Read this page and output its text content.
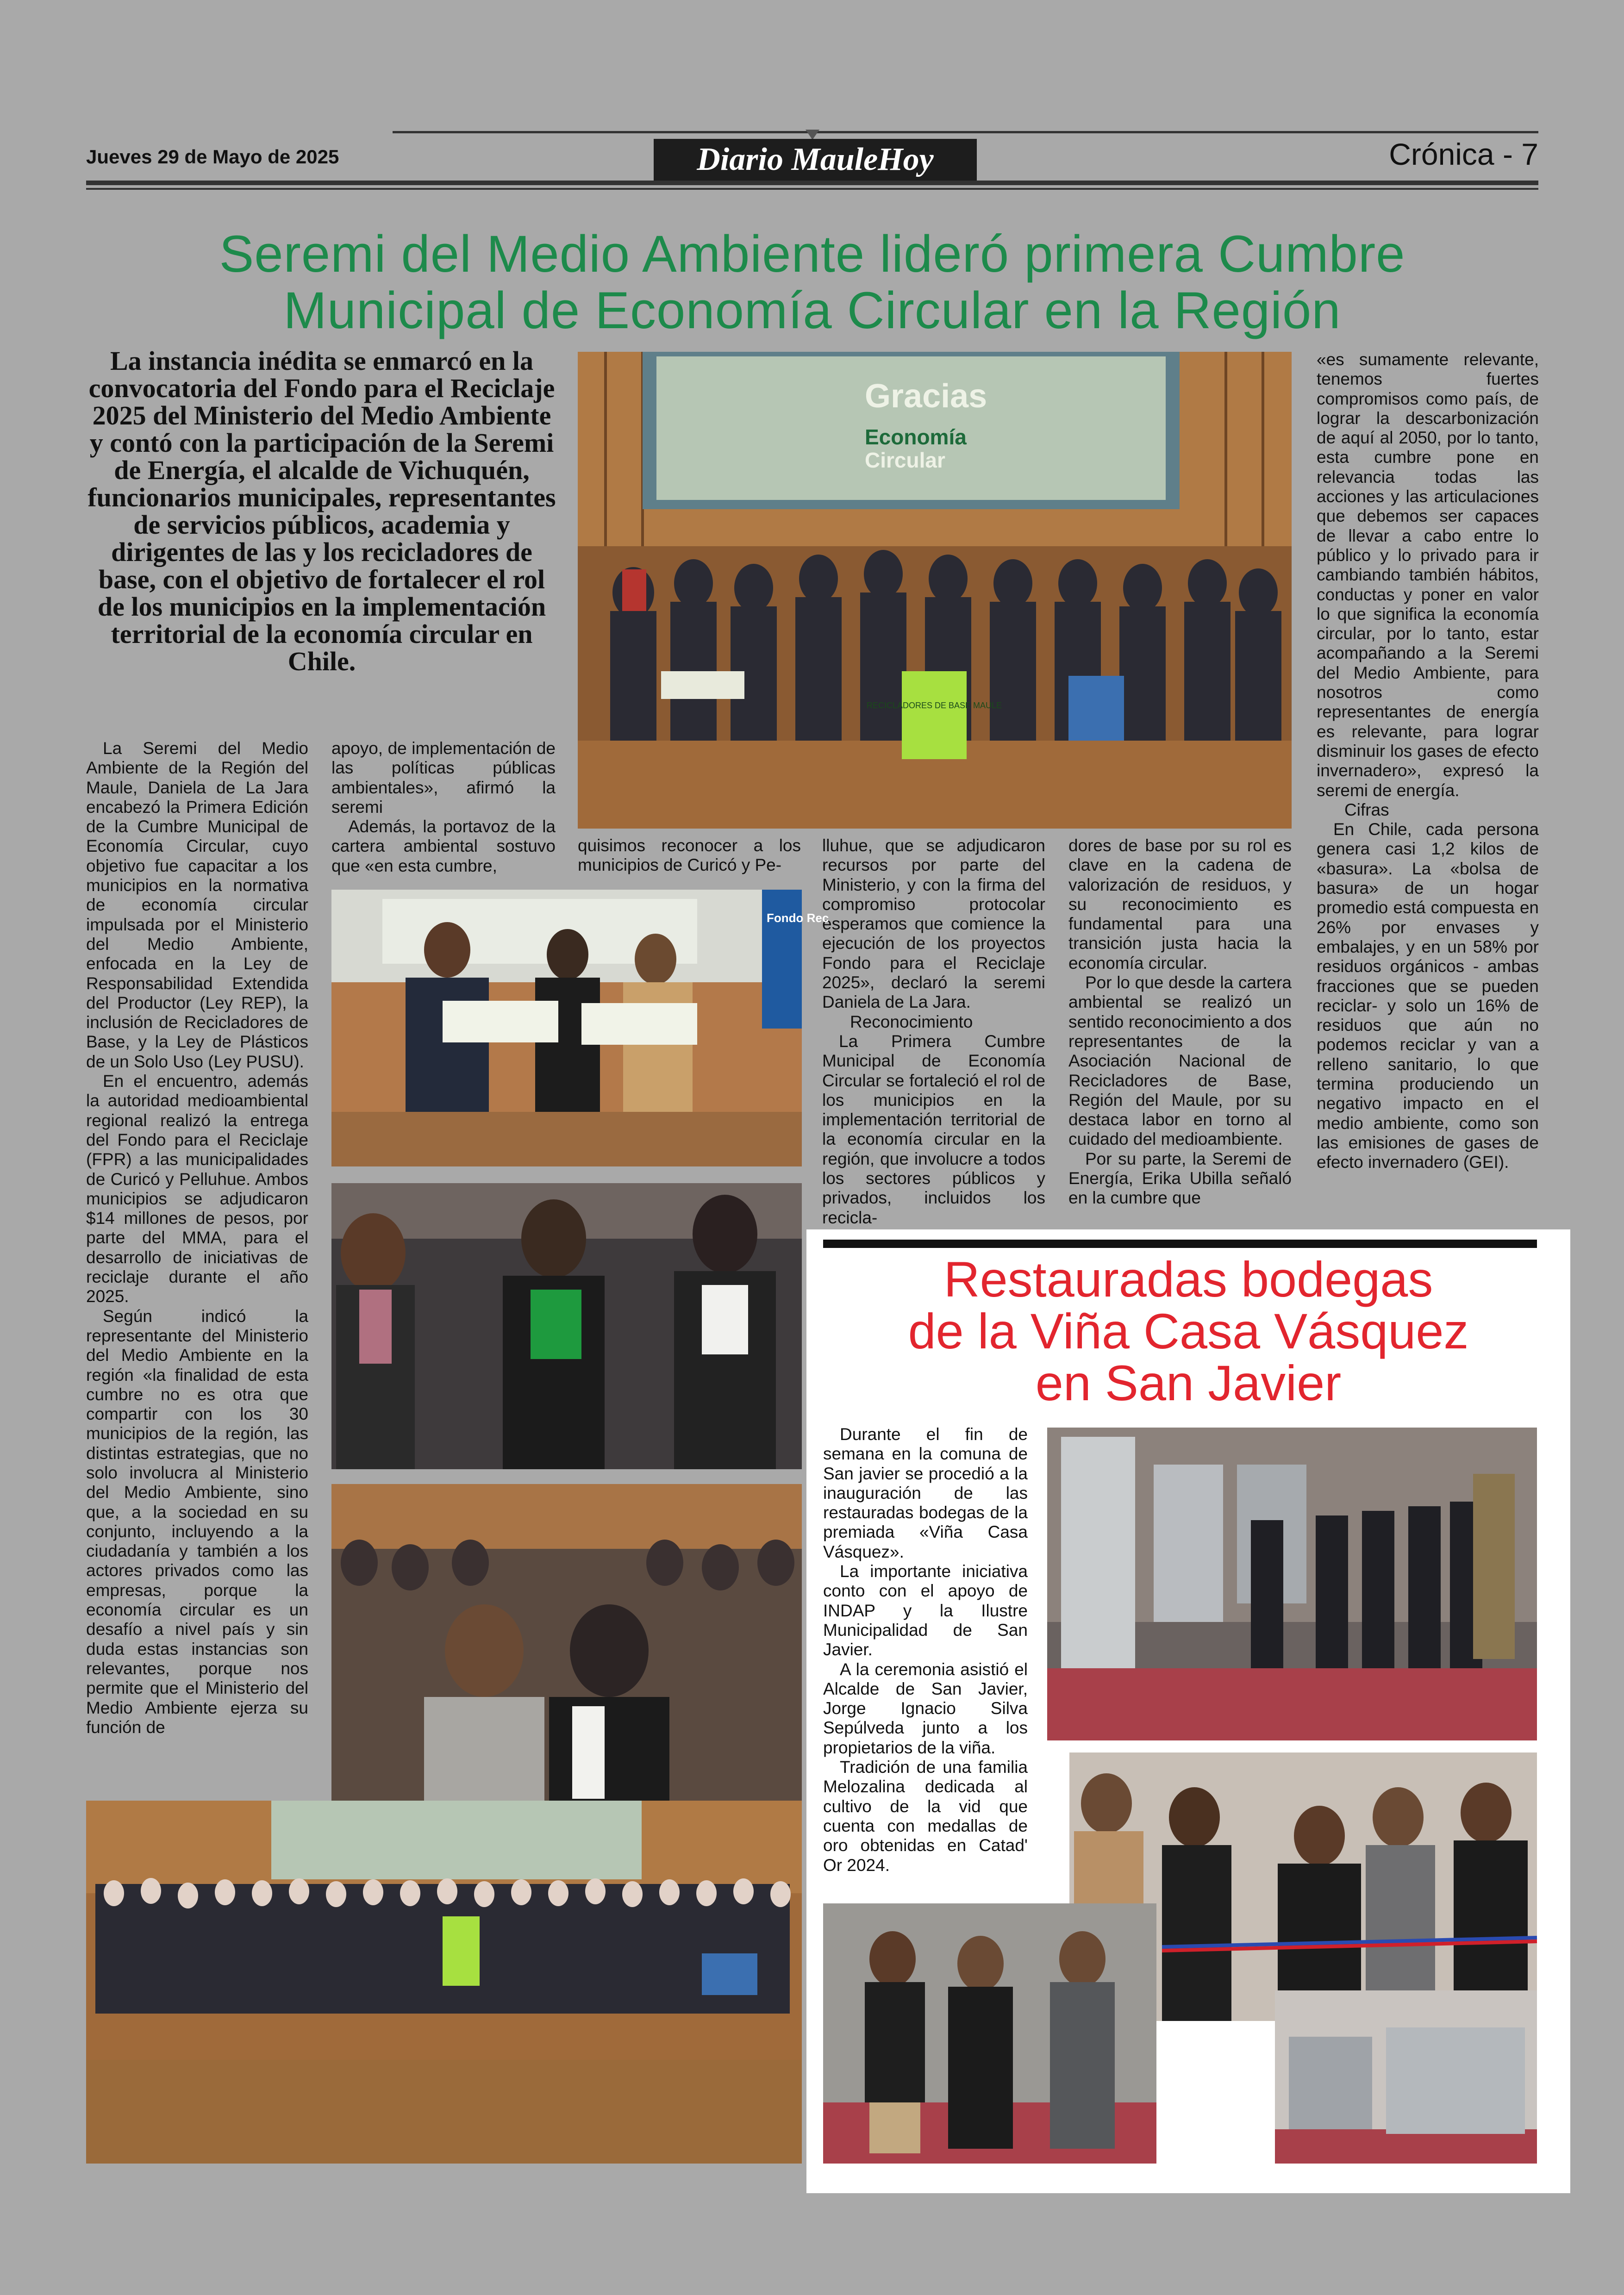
Jueves 29 de Mayo de 2025	Diario MauleHoy	Crónica - 7
Seremi del Medio Ambiente lideró primera Cumbre
Municipal de Economía Circular en la Región
La instancia inédita se enmarcó en la convocatoria del Fondo para el Reciclaje 2025 del Ministerio del Medio Ambiente y contó con la participación de la Seremi de Energía, el alcalde de Vichuquén, funcionarios municipales, representantes de servicios públicos, academia y dirigentes de las y los recicladores de base, con el objetivo de fortalecer el rol de los municipios en la implementación territorial de la economía circular en Chile.

La Seremi del Medio Ambiente de la Región del Maule, Daniela de La Jara encabezó la Primera Edición de la Cumbre Municipal de Economía Circular, cuyo objetivo fue capacitar a los municipios en la normativa de economía circular impulsada por el Ministerio del Medio Ambiente, enfocada en la Ley de Responsabilidad Extendida del Productor (Ley REP), la inclusión de Recicladores de Base, y la Ley de Plásticos de un Solo Uso (Ley PUSU).

En el encuentro, además la autoridad medioambiental regional realizó la entrega del Fondo para el Reciclaje (FPR) a las municipalidades de Curicó y Pelluhue. Ambos municipios se adjudicaron $14 millones de pesos, por parte del MMA, para el desarrollo de iniciativas de reciclaje durante el año 2025.

Según indicó la representante del Ministerio del Medio Ambiente en la región «la finalidad de esta cumbre no es otra que compartir con los 30 municipios de la región, las distintas estrategias, que no solo involucra al Ministerio del Medio Ambiente, sino que, a la sociedad en su conjunto, incluyendo a la ciudadanía y también a los actores privados como las empresas, porque la economía circular es un desafío a nivel país y sin duda estas instancias son relevantes, porque nos permite que el Ministerio del Medio Ambiente ejerza su función de

apoyo, de implementación de las políticas públicas ambientales», afirmó la seremi

Además, la portavoz de la cartera ambiental sostuvo que «en esta cumbre,

quisimos reconocer a los municipios de Curicó y Pe-

lluhue, que se adjudicaron recursos por parte del Ministerio, y con la firma del compromiso protocolar esperamos que comience la ejecución de los proyectos Fondo para el Reciclaje 2025», declaró la seremi Daniela de La Jara.

Reconocimiento

La Primera Cumbre Municipal de Economía Circular se fortaleció el rol de los municipios en la implementación territorial de la economía circular en la región, que involucre a todos los sectores públicos y privados, incluidos los recicla-

dores de base por su rol es clave en la cadena de valorización de residuos, y su reconocimiento es fundamental para una transición justa hacia la economía circular.

Por lo que desde la cartera ambiental se realizó un sentido reconocimiento a dos representantes de la Asociación Nacional de Recicladores de Base, Región del Maule, por su destaca labor en torno al cuidado del medioambiente.

Por su parte, la Seremi de Energía, Erika Ubilla señaló en la cumbre que

«es sumamente relevante, tenemos fuertes compromisos como país, de lograr la descarbonización de aquí al 2050, por lo tanto, esta cumbre pone en relevancia todas las acciones y las articulaciones que debemos ser capaces de llevar a cabo entre lo público y lo privado para ir cambiando también hábitos, conductas y poner en valor lo que significa la economía circular, por lo tanto, estar acompañando a la Seremi del Medio Ambiente, para nosotros como representantes de energía es relevante, para lograr disminuir los gases de efecto invernadero», expresó la seremi de energía.

Cifras

En Chile, cada persona genera casi 1,2 kilos de «basura». La «bolsa de basura» de un hogar promedio está compuesta en 26% por envases y embalajes, y en un 58% por residuos orgánicos - ambas fracciones que se pueden reciclar- y solo un 16% de residuos que aún no podemos reciclar y van a relleno sanitario, lo que termina produciendo un negativo impacto en el medio ambiente, como son las emisiones de gases de efecto invernadero (GEI).

Gracias
Economía
Circular
RECICLADORES DE BASE MAULE
Fondo Rec
Restauradas bodegas
de la Viña Casa Vásquez
en San Javier

Durante el fin de semana en la comuna de San javier se procedió a la inauguración de las restauradas bodegas de la premiada «Viña Casa Vásquez».

La importante iniciativa conto con el apoyo de INDAP y la Ilustre Municipalidad de San Javier.

A la ceremonia asistió el Alcalde de San Javier, Jorge Ignacio Silva Sepúlveda junto a los propietarios de la viña.

Tradición de una familia Melozalina dedicada al cultivo de la vid que cuenta con medallas de oro obtenidas en Catad' Or 2024.
